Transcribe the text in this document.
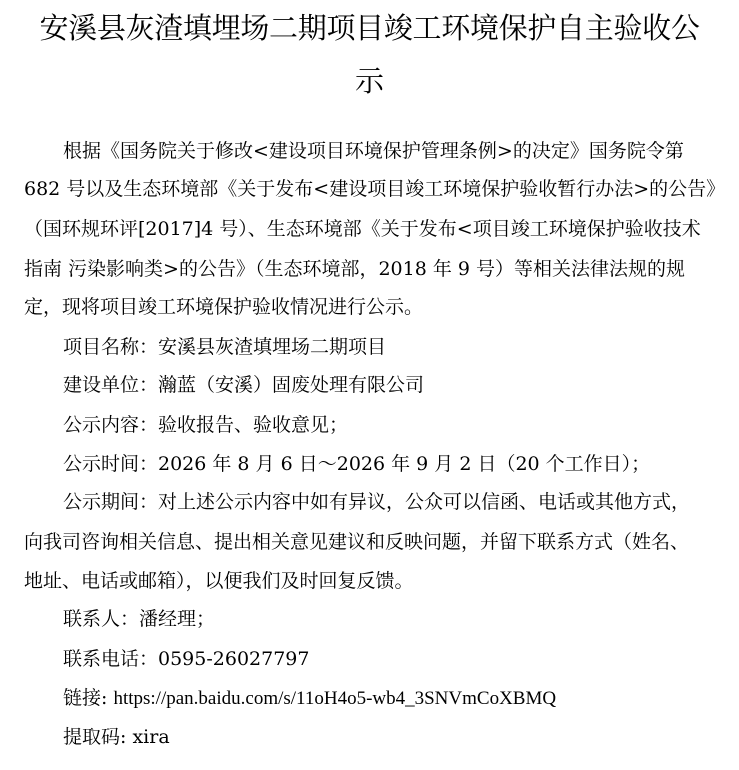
安溪县灰渣填埋场二期项目竣工环境保护自主验收公
示
根据《国务院关于修改<建设项目环境保护管理条例>的决定》国务院令第
682 号以及生态环境部《关于发布<建设项目竣工环境保护验收暂行办法>的公告》
（国环规环评[2017]4 号）、生态环境部《关于发布<项目竣工环境保护验收技术
指南 污染影响类>的公告》（生态环境部，2018 年 9 号）等相关法律法规的规
定，现将项目竣工环境保护验收情况进行公示。
项目名称：安溪县灰渣填埋场二期项目
建设单位：瀚蓝（安溪）固废处理有限公司
公示内容：验收报告、验收意见；
公示时间：2026 年 8 月 6 日～2026 年 9 月 2 日（20 个工作日）；
公示期间：对上述公示内容中如有异议，公众可以信函、电话或其他方式，
向我司咨询相关信息、提出相关意见建议和反映问题，并留下联系方式（姓名、
地址、电话或邮箱），以便我们及时回复反馈。
联系人：潘经理；
联系电话：0595-26027797
链接: https://pan.baidu.com/s/11oH4o5-wb4_3SNVmCoXBMQ
提取码: xira
